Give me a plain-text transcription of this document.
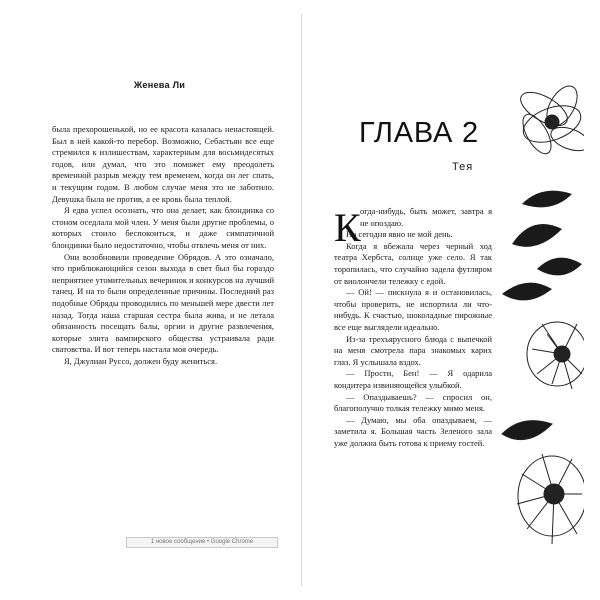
Женева Ли

была прехорошенькой, но ее красота казалась ненастоящей. Был в ней какой-то перебор. Возможно, Себастьян все еще стремился к излишествам, характерным для восьмидесятых годов, или думал, что это поможет ему преодолеть временной разрыв между тем временем, когда он лег спать, и текущим годом. В любом случае меня это не заботило. Девушка была не против, а ее кровь была теплой.

Я едва успел осознать, что она делает, как блондинка со стоном оседлала мой член. У меня были другие проблемы, о которых стоило беспокоиться, и даже симпатичной блондинки было недостаточно, чтобы отвлечь меня от них.

Они возобновили проведение Обрядов. А это означало, что приближающийся сезон выхода в свет был бы гораздо неприятнее утомительных вечеринок и конкурсов на лучший танец. И на то были определенные причины. Последний раз подобные Обряды проводились по меньшей мере двести лет назад. Тогда наша старшая сестра была жива, и не летала обязанность посещать балы, оргии и другие развлечения, которые элита вампирского общества устраивала ради сватовства. И вот теперь настала моя очередь.

Я, Джулиан Руссо, должен буду жениться.

1 новое сообщение • Google Chrome
ГЛАВА 2
Тея
К огда-нибудь, быть может, завтра я не опоздаю.

Но сегодня явно не мой день.

Когда я вбежала через черный ход театра Хербста, солнце уже село. Я так торопилась, что случайно задела футляром от виолончели тележку с едой.

— Ой! — пискнула я и остановилась, чтобы проверить, не испортила ли что-нибудь. К счастью, шоколадные пирожные все еще выглядели идеально.

Из-за трехъярусного блюда с выпечкой на меня смотрела пара знакомых карих глаз. Я услышала вздох.

— Прости, Бен! — Я одарила кондитера извиняющейся улыбкой.

— Опаздываешь? — спросил он, благополучно толкая тележку мимо меня.

— Думаю, мы оба опаздываем, — заметила я. Большая часть Зеленого зала уже должна быть готова к приему гостей.
